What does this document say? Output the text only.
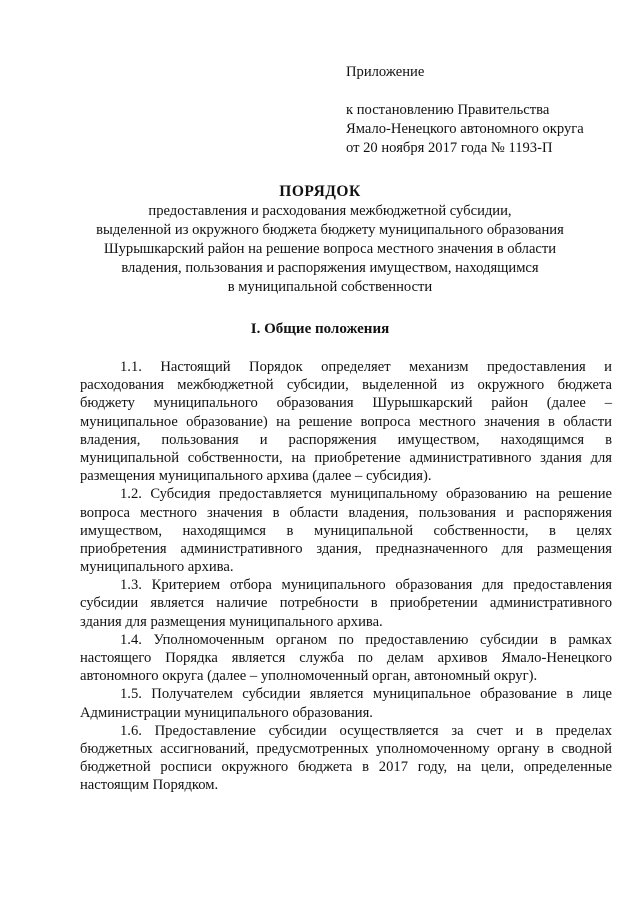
Приложение
к постановлению Правительства
Ямало-Ненецкого автономного округа
от 20 ноября 2017 года № 1193-П
ПОРЯДОК
предоставления и расходования межбюджетной субсидии,
выделенной из окружного бюджета бюджету муниципального образования
Шурышкарский район на решение вопроса местного значения в области
владения, пользования и распоряжения имуществом, находящимся
в муниципальной собственности
I. Общие положения
1.1. Настоящий Порядок определяет механизм предоставления и
расходования межбюджетной субсидии, выделенной из окружного бюджета
бюджету муниципального образования Шурышкарский район (далее –
муниципальное образование) на решение вопроса местного значения в области
владения, пользования и распоряжения имуществом, находящимся в
муниципальной собственности, на приобретение административного здания для
размещения муниципального архива (далее – субсидия).
1.2. Субсидия предоставляется муниципальному образованию на решение
вопроса местного значения в области владения, пользования и распоряжения
имуществом, находящимся в муниципальной собственности, в целях
приобретения административного здания, предназначенного для размещения
муниципального архива.
1.3. Критерием отбора муниципального образования для предоставления
субсидии является наличие потребности в приобретении административного
здания для размещения муниципального архива.
1.4. Уполномоченным органом по предоставлению субсидии в рамках
настоящего Порядка является служба по делам архивов Ямало-Ненецкого
автономного округа (далее – уполномоченный орган, автономный округ).
1.5. Получателем субсидии является муниципальное образование в лице
Администрации муниципального образования.
1.6. Предоставление субсидии осуществляется за счет и в пределах
бюджетных ассигнований, предусмотренных уполномоченному органу в сводной
бюджетной росписи окружного бюджета в 2017 году, на цели, определенные
настоящим Порядком.
